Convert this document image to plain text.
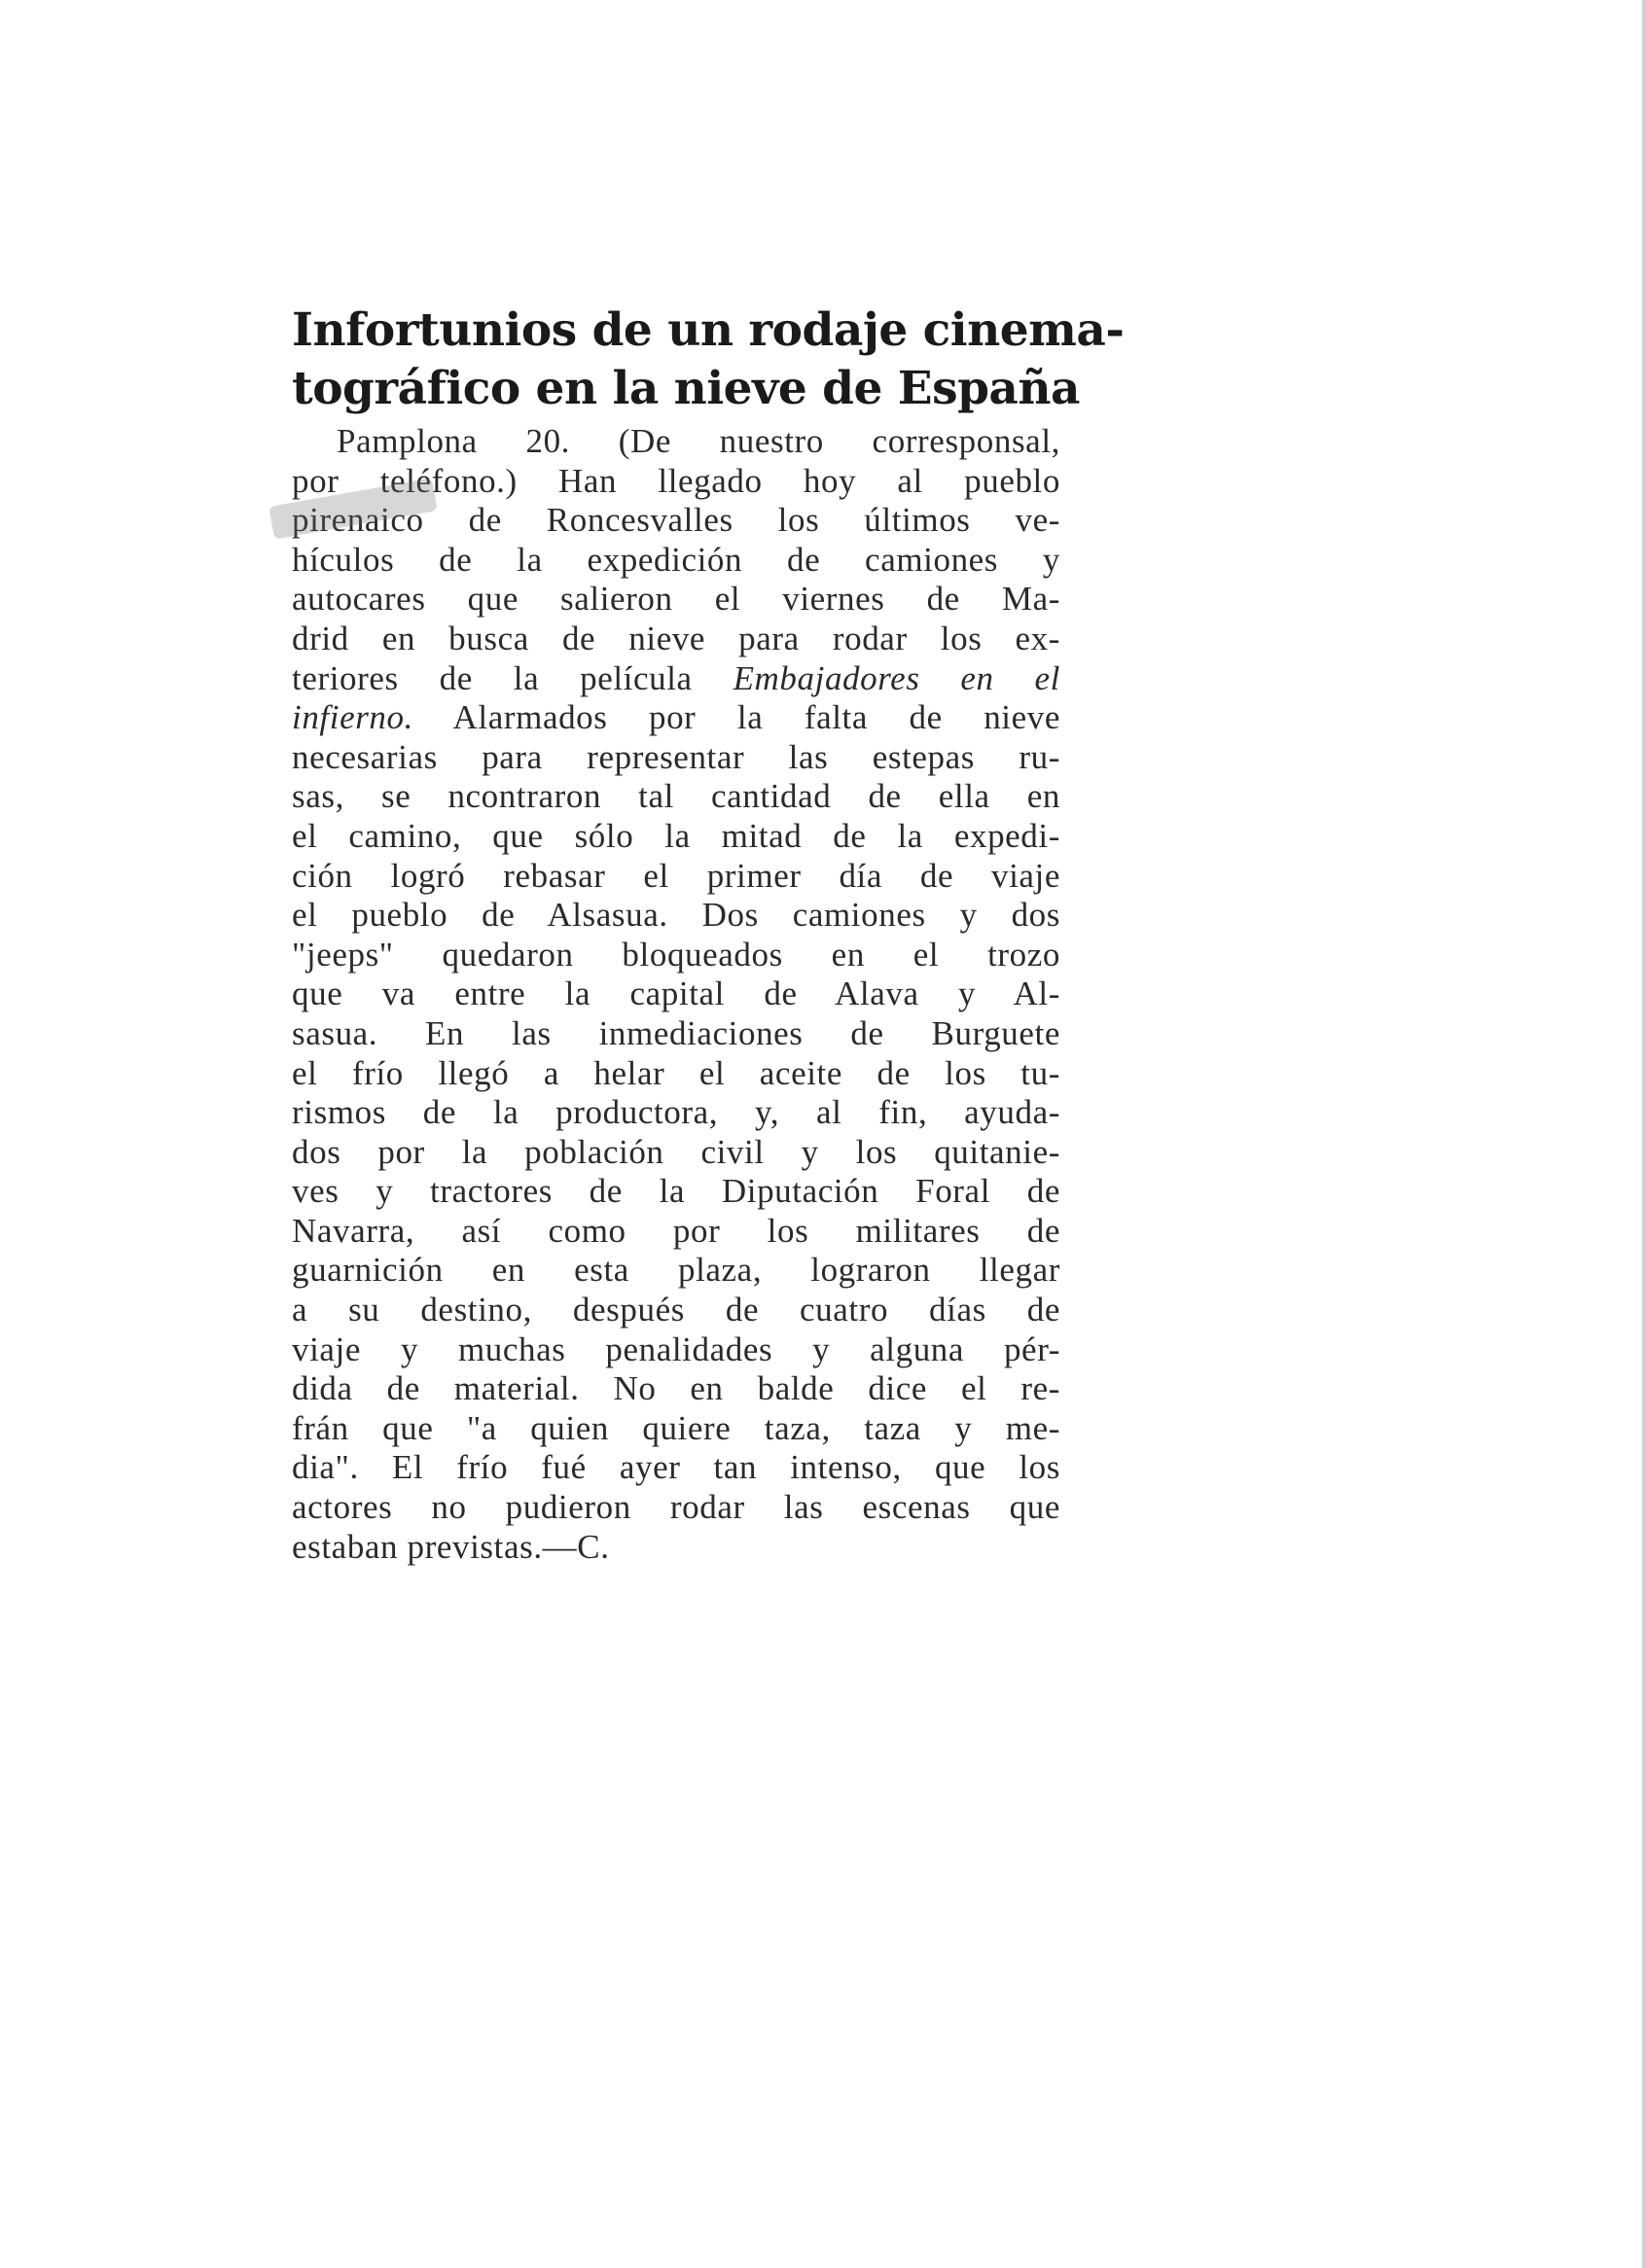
Infortunios de un rodaje cinema-
tográfico en la nieve de España
Pamplona 20. (De nuestro corresponsal,
por teléfono.) Han llegado hoy al pueblo
pirenaico de Roncesvalles los últimos ve-
hículos de la expedición de camiones y
autocares que salieron el viernes de Ma-
drid en busca de nieve para rodar los ex-
teriores de la película Embajadores en el
infierno. Alarmados por la falta de nieve
necesarias para representar las estepas ru-
sas, se ncontraron tal cantidad de ella en
el camino, que sólo la mitad de la expedi-
ción logró rebasar el primer día de viaje
el pueblo de Alsasua. Dos camiones y dos
"jeeps" quedaron bloqueados en el trozo
que va entre la capital de Alava y Al-
sasua. En las inmediaciones de Burguete
el frío llegó a helar el aceite de los tu-
rismos de la productora, y, al fin, ayuda-
dos por la población civil y los quitanie-
ves y tractores de la Diputación Foral de
Navarra, así como por los militares de
guarnición en esta plaza, lograron llegar
a su destino, después de cuatro días de
viaje y muchas penalidades y alguna pér-
dida de material. No en balde dice el re-
frán que "a quien quiere taza, taza y me-
dia". El frío fué ayer tan intenso, que los
actores no pudieron rodar las escenas que
estaban previstas.—C.
